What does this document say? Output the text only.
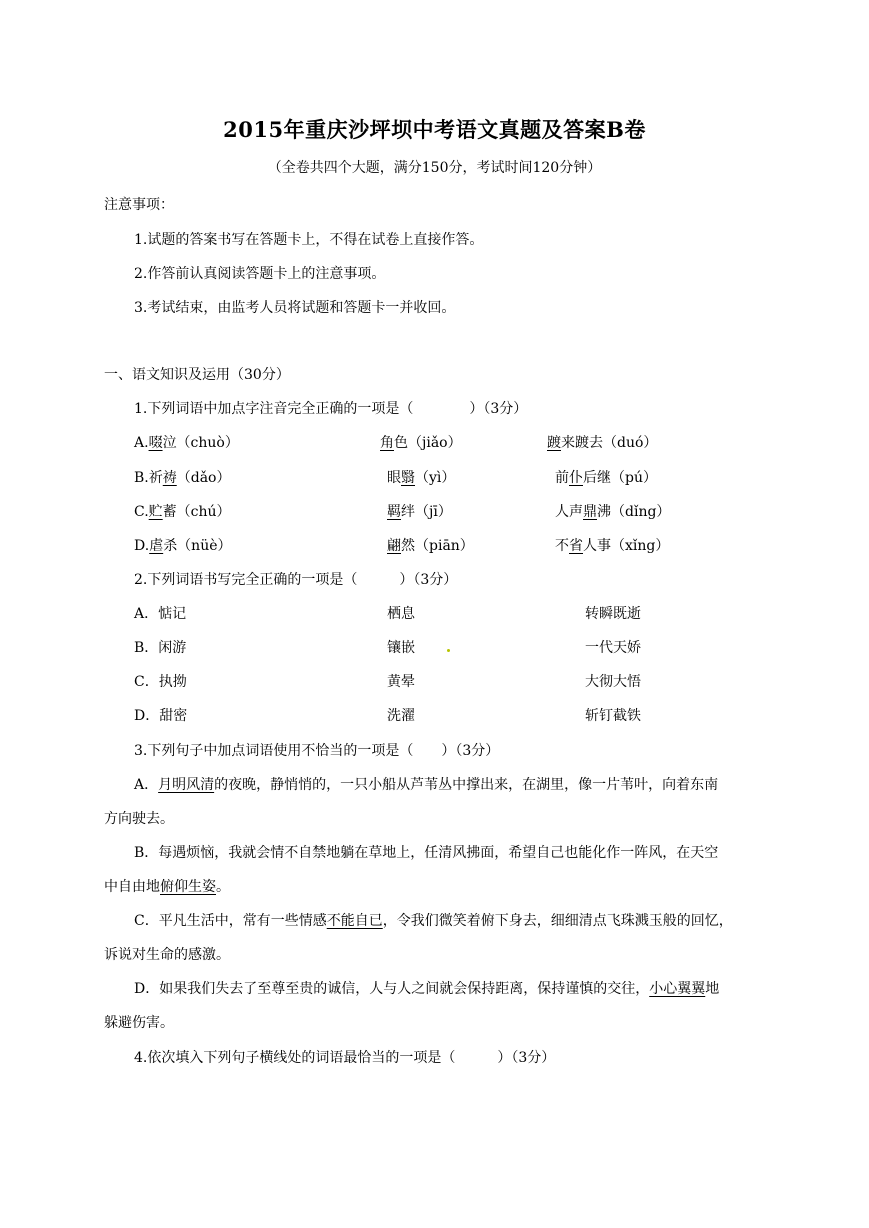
2015年重庆沙坪坝中考语文真题及答案B卷
（全卷共四个大题，满分150分，考试时间120分钟）
注意事项：
1.试题的答案书写在答题卡上，不得在试卷上直接作答。
2.作答前认真阅读答题卡上的注意事项。
3.考试结束，由监考人员将试题和答题卡一并收回。
一、语文知识及运用（30分）
1.下列词语中加点字注音完全正确的一项是（　　　　）（3分）
A.啜泣（chuò）	角色（jiǎo）	踱来踱去（duó）
B.祈祷（dǎo）	眼翳（yì）	前仆后继（pú）
C.贮蓄（chú）	羁绊（jī）	人声鼎沸（dǐng）
D.虐杀（nüè）	翩然（piān）	不省人事（xǐng）
2.下列词语书写完全正确的一项是（　　　）（3分）
A．惦记	栖息	转瞬既逝
B．闲游	镶嵌	一代天娇
C．执拗	黄晕	大彻大悟
D．甜密	洗濯	斩钉截铁
3.下列句子中加点词语使用不恰当的一项是（　　）（3分）
A．月明风清的夜晚，静悄悄的，一只小船从芦苇丛中撑出来，在湖里，像一片苇叶，向着东南
方向驶去。
B．每遇烦恼，我就会情不自禁地躺在草地上，任清风拂面，希望自己也能化作一阵风，在天空
中自由地俯仰生姿。
C．平凡生活中，常有一些情感不能自已，令我们微笑着俯下身去，细细清点飞珠溅玉般的回忆，
诉说对生命的感激。
D．如果我们失去了至尊至贵的诚信，人与人之间就会保持距离，保持谨慎的交往，小心翼翼地
躲避伤害。
4.依次填入下列句子横线处的词语最恰当的一项是（　　　）（3分）
